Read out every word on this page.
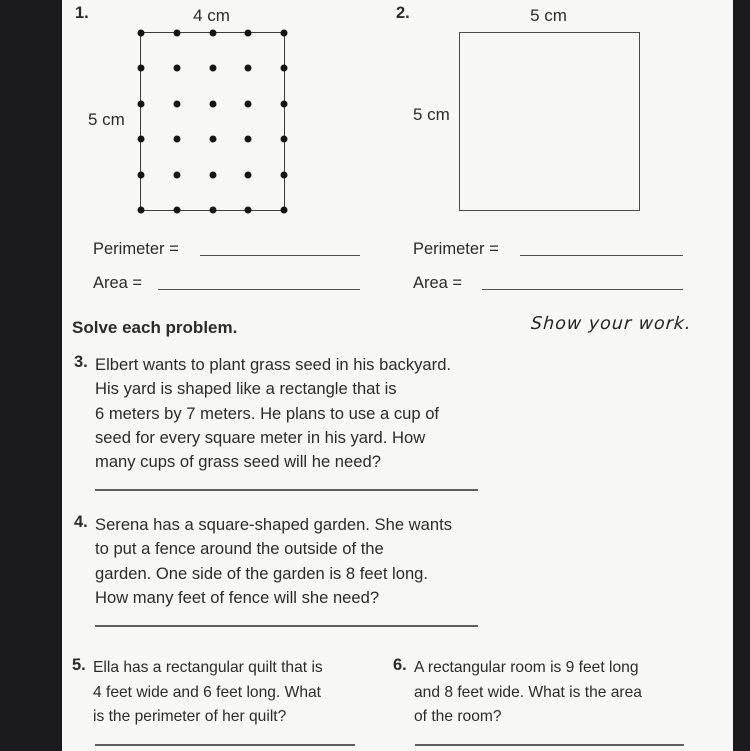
1.	4 cm
5 cm
2.	5 cm
5 cm
Perimeter =
Area =
Perimeter =
Area =
Solve each problem.	Show your work.
3. Elbert wants to plant grass seed in his backyard.
His yard is shaped like a rectangle that is
6 meters by 7 meters. He plans to use a cup of
seed for every square meter in his yard. How
many cups of grass seed will he need?
4. Serena has a square-shaped garden. She wants
to put a fence around the outside of the
garden. One side of the garden is 8 feet long.
How many feet of fence will she need?
5. Ella has a rectangular quilt that is
4 feet wide and 6 feet long. What
is the perimeter of her quilt?
6. A rectangular room is 9 feet long
and 8 feet wide. What is the area
of the room?
